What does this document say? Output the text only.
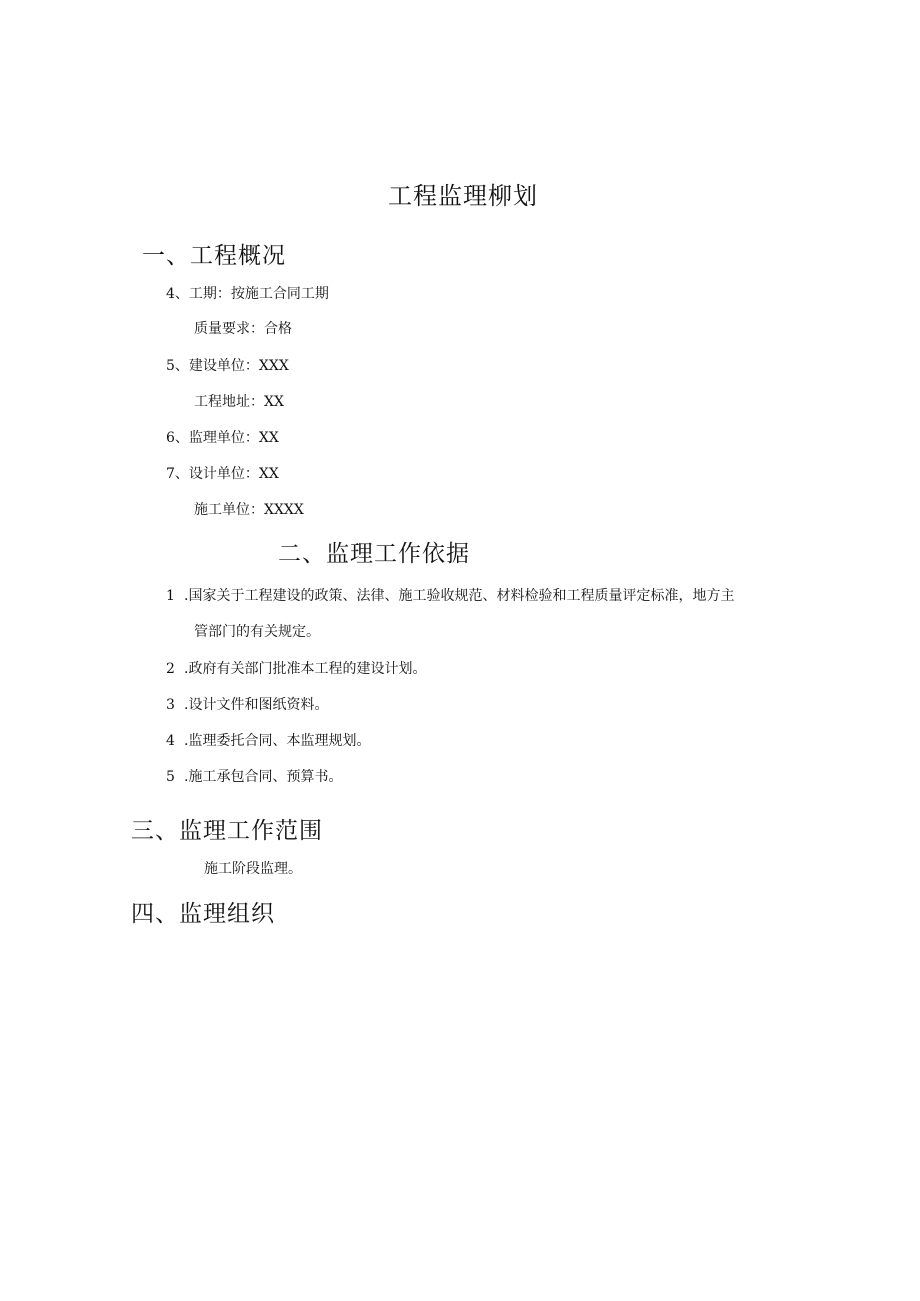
工程监理柳划
一、工程概况
4、工期：按施工合同工期
质量要求：合格
5、建设单位：XXX
工程地址：XX
6、监理单位：XX
7、设计单位：XX
施工单位：XXXX
二、监理工作依据
1 .国家关于工程建设的政策、法律、施工验收规范、材料检验和工程质量评定标准，地方主
管部门的有关规定。
2 .政府有关部门批准本工程的建设计划。
3 .设计文件和图纸资料。
4 .监理委托合同、本监理规划。
5 .施工承包合同、预算书。
三、监理工作范围
施工阶段监理。
四、监理组织
